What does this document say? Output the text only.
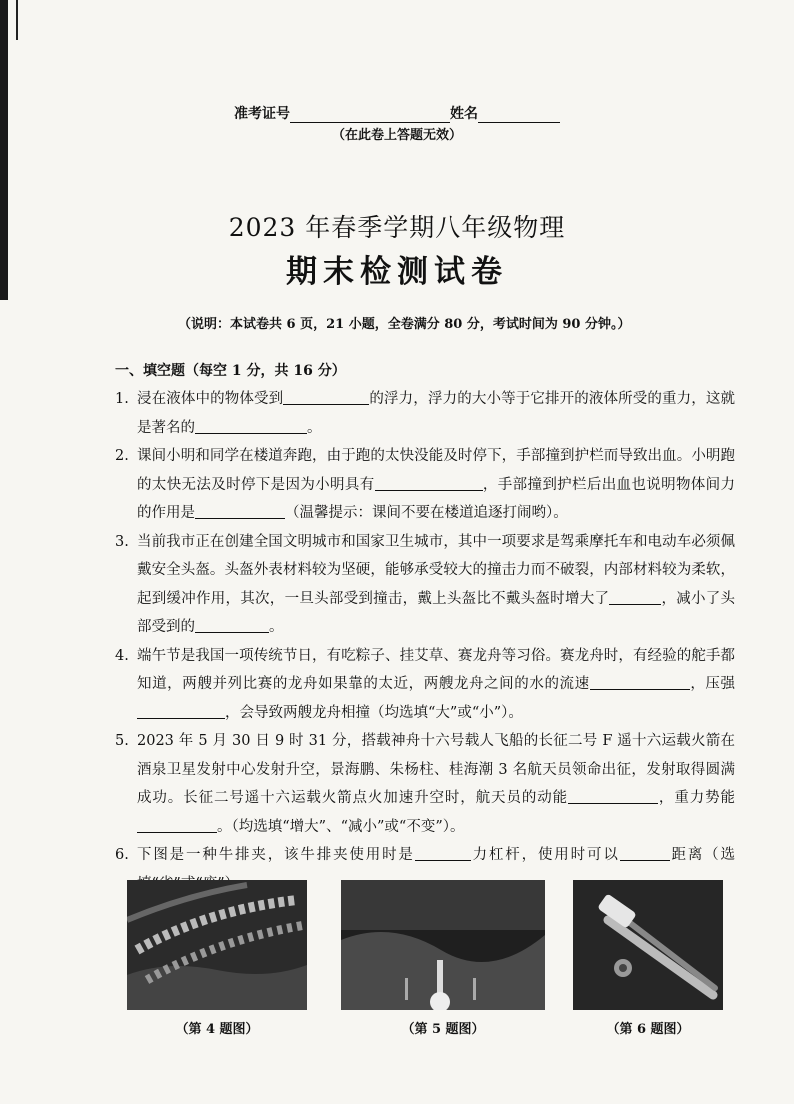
准考证号	姓名
（在此卷上答题无效）
2023 年春季学期八年级物理
期末检测试卷
（说明：本试卷共 6 页，21 小题，全卷满分 80 分，考试时间为 90 分钟。）
一、填空题（每空 1 分，共 16 分）
1. 浸在液体中的物体受到	的浮力，浮力的大小等于它排开的液体所受的重力，这就是著名的	。
2. 课间小明和同学在楼道奔跑，由于跑的太快没能及时停下，手部撞到护栏而导致出血。小明跑的太快无法及时停下是因为小明具有	，手部撞到护栏后出血也说明物体间力的作用是	（温馨提示：课间不要在楼道追逐打闹哟）。
3. 当前我市正在创建全国文明城市和国家卫生城市，其中一项要求是驾乘摩托车和电动车必须佩戴安全头盔。头盔外表材料较为坚硬，能够承受较大的撞击力而不破裂，内部材料较为柔软，起到缓冲作用，其次，一旦头部受到撞击，戴上头盔比不戴头盔时增大了	，减小了头部受到的	。
4. 端午节是我国一项传统节日，有吃粽子、挂艾草、赛龙舟等习俗。赛龙舟时，有经验的舵手都知道，两艘并列比赛的龙舟如果靠的太近，两艘龙舟之间的水的流速	，压强，会导致两艘龙舟相撞（均选填“大”或“小”）。
5. 2023 年 5 月 30 日 9 时 31 分，搭载神舟十六号载人飞船的长征二号 F 遥十六运载火箭在酒泉卫星发射中心发射升空，景海鹏、朱杨柱、桂海潮 3 名航天员领命出征，发射取得圆满成功。长征二号遥十六运载火箭点火加速升空时，航天员的动能	，重力势能。（均选填“增大”、“减小”或“不变”）。
6. 下图是一种牛排夹，该牛排夹使用时是	力杠杆，使用时可以	距离（选
（第 4 题图）	（第 5 题图）	（第 6 题图）
